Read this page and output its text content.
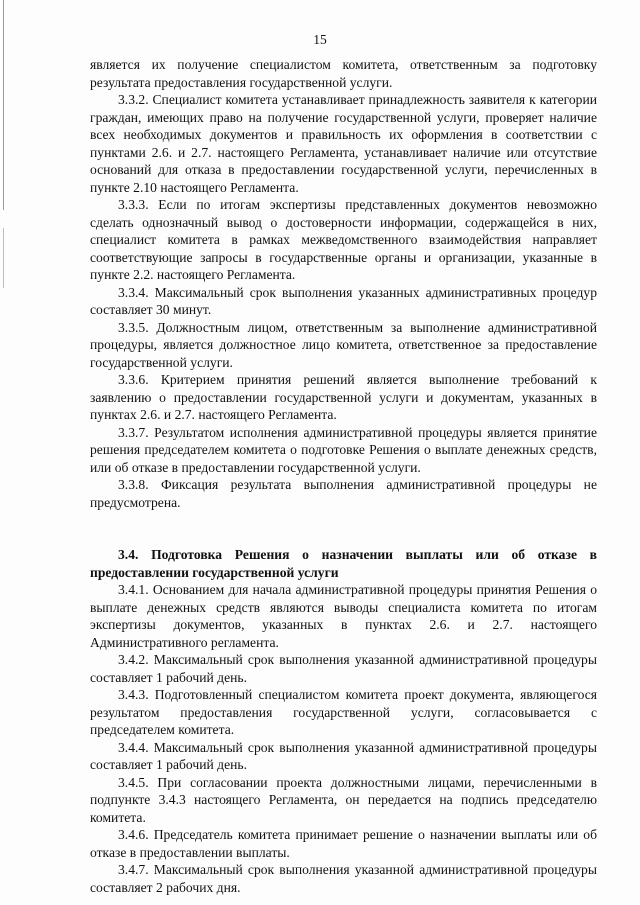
15

является их получение специалистом комитета, ответственным за подготовку результата предоставления государственной услуги.

3.3.2. Специалист комитета устанавливает принадлежность заявителя к категории граждан, имеющих право на получение государственной услуги, проверяет наличие всех необходимых документов и правильность их оформления в соответствии с пунктами 2.6. и 2.7. настоящего Регламента, устанавливает наличие или отсутствие оснований для отказа в предоставлении государственной услуги, перечисленных в пункте 2.10 настоящего Регламента.

3.3.3. Если по итогам экспертизы представленных документов невозможно сделать однозначный вывод о достоверности информации, содержащейся в них, специалист комитета в рамках межведомственного взаимодействия направляет соответствующие запросы в государственные органы и организации, указанные в пункте 2.2. настоящего Регламента.

3.3.4. Максимальный срок выполнения указанных административных процедур составляет 30 минут.

3.3.5. Должностным лицом, ответственным за выполнение административной процедуры, является должностное лицо комитета, ответственное за предоставление государственной услуги.

3.3.6. Критерием принятия решений является выполнение требований к заявлению о предоставлении государственной услуги и документам, указанных в пунктах 2.6. и 2.7. настоящего Регламента.

3.3.7. Результатом исполнения административной процедуры является принятие решения председателем комитета о подготовке Решения о выплате денежных средств, или об отказе в предоставлении государственной услуги.

3.3.8. Фиксация результата выполнения административной процедуры не предусмотрена.

3.4. Подготовка Решения о назначении выплаты или об отказе в предоставлении государственной услуги

3.4.1. Основанием для начала административной процедуры принятия Решения о выплате денежных средств являются выводы специалиста комитета по итогам экспертизы документов, указанных в пунктах 2.6. и 2.7. настоящего Административного регламента.

3.4.2. Максимальный срок выполнения указанной административной процедуры составляет 1 рабочий день.

3.4.3. Подготовленный специалистом комитета проект документа, являющегося результатом предоставления государственной услуги, согласовывается с председателем комитета.

3.4.4. Максимальный срок выполнения указанной административной процедуры составляет 1 рабочий день.

3.4.5. При согласовании проекта должностными лицами, перечисленными в подпункте 3.4.3 настоящего Регламента, он передается на подпись председателю комитета.

3.4.6. Председатель комитета принимает решение о назначении выплаты или об отказе в предоставлении выплаты.

3.4.7. Максимальный срок выполнения указанной административной процедуры составляет 2 рабочих дня.
